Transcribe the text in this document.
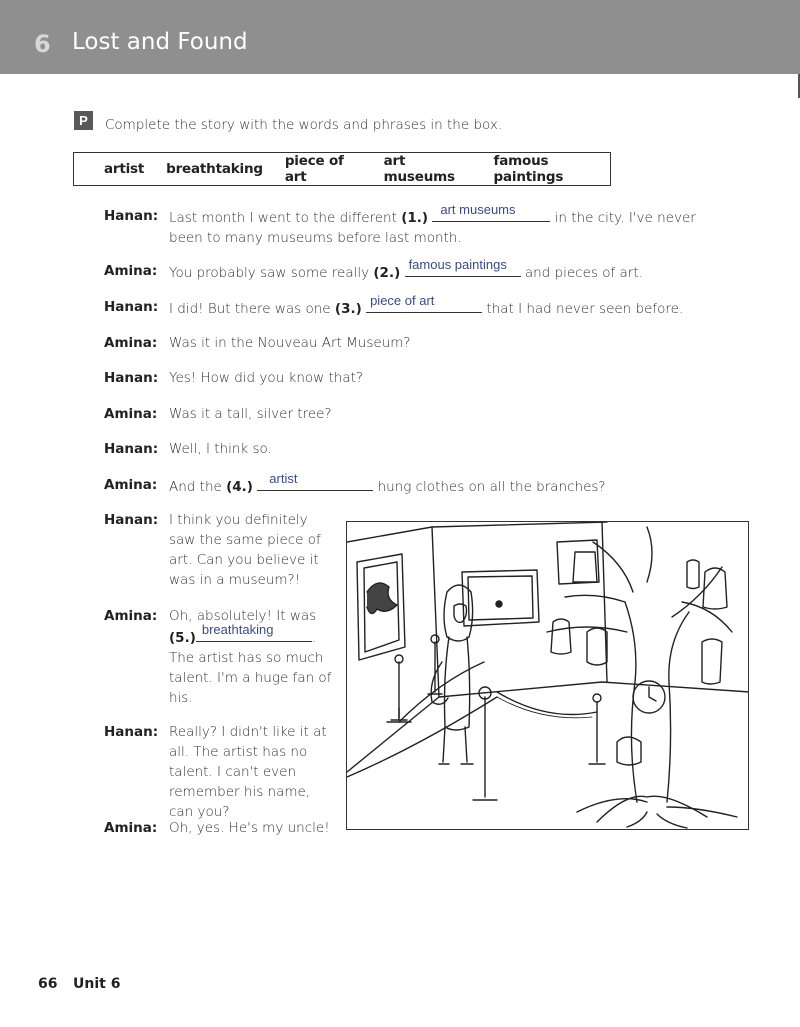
6 Lost and Found
P	Complete the story with the words and phrases in the box.
artist breathtaking piece of art
art museums
famous paintings
Hanan: Last month I went to the different (1.)
art museums
in the city. I've never been to many museums before last month.
Amina: You probably saw some really (2.)
famous paintings
and pieces of art.
Hanan: I did! But there was one (3.)
piece of art
that I had never seen before.
Amina: Was it in the Nouveau Art Museum?
Hanan: Yes! How did you know that?
Amina: Was it a tall, silver tree?
Hanan: Well, I think so.
Amina: And the (4.)
artist
hung clothes on all the branches?
Hanan: I think you definitely saw the same piece of art. Can you believe it was in a museum?!
Amina: Oh, absolutely! It was (5.)
breathtaking
. The artist has so much talent. I'm a huge fan of his.
Hanan: Really? I didn't like it at all. The artist has no talent. I can't even remember his name, can you?
Amina: Oh, yes. He's my uncle!
66 Unit 6
